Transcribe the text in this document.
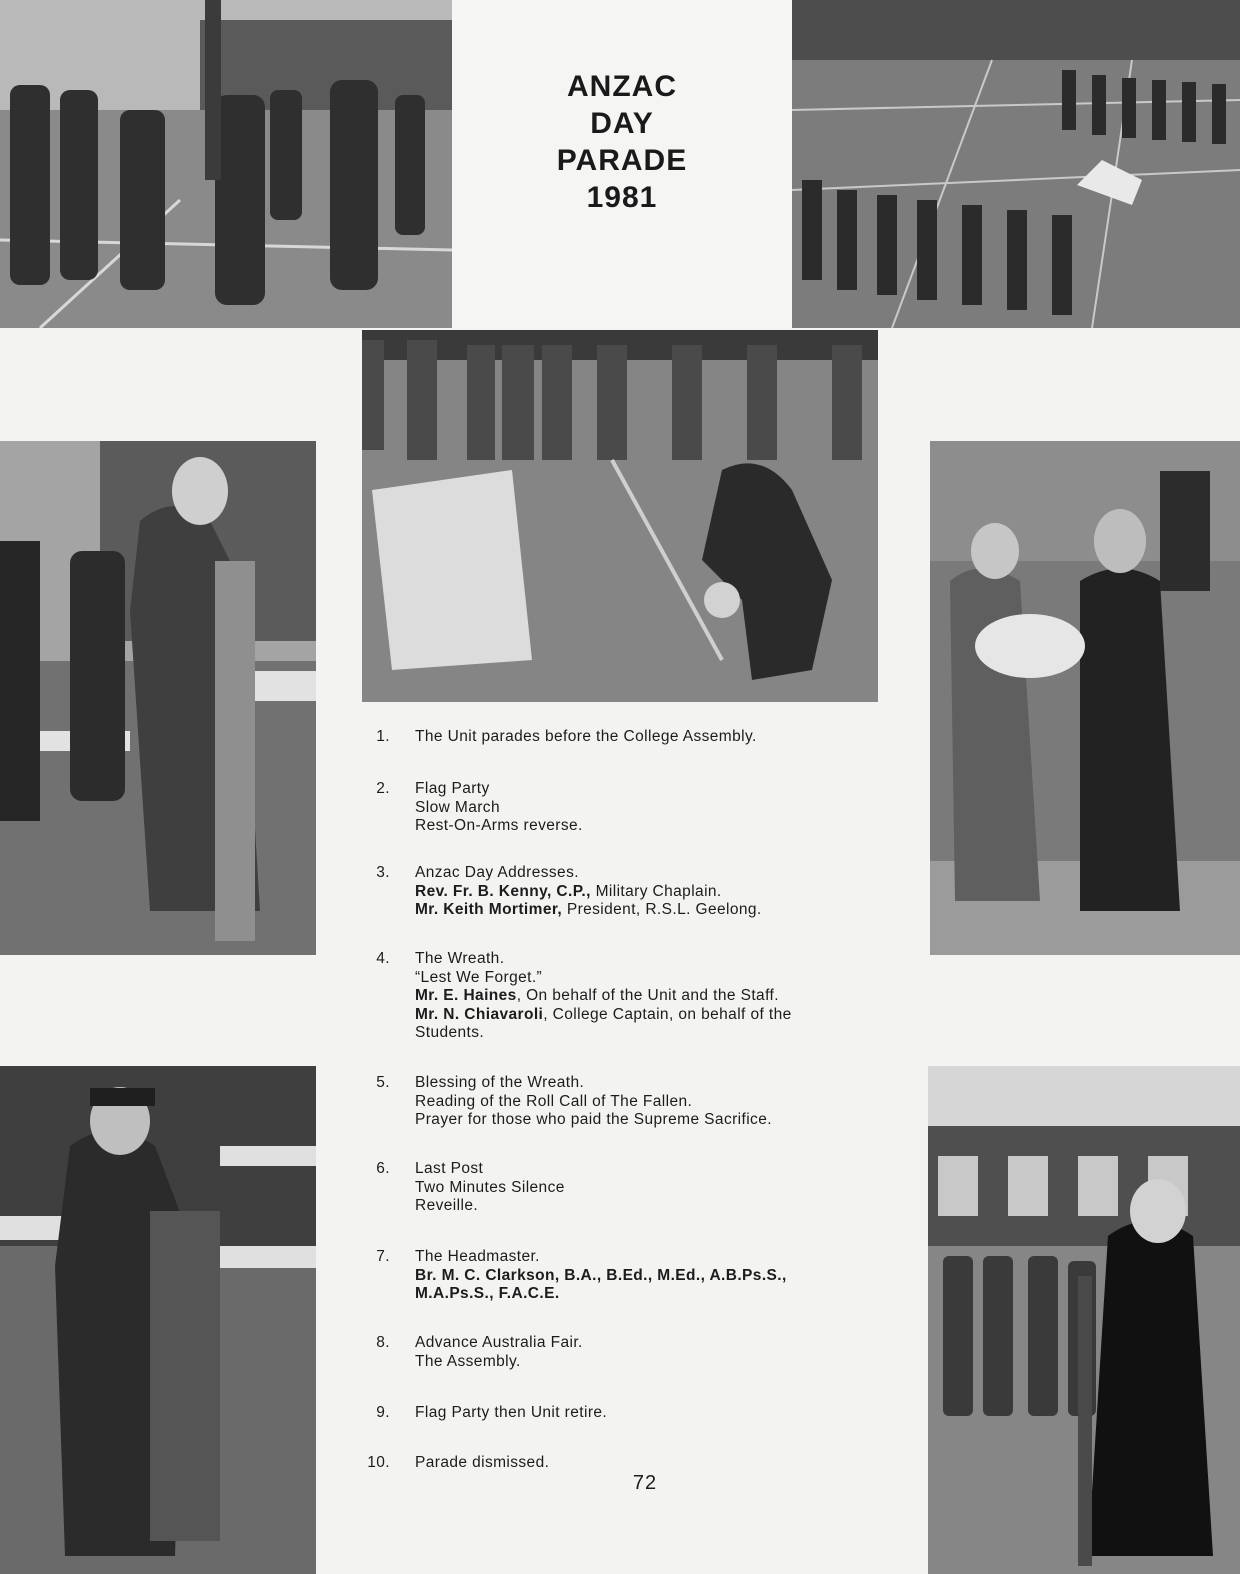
ANZAC
DAY
PARADE
1981
1. The Unit parades before the College Assembly.
2. Flag Party
Slow March
Rest-On-Arms reverse.
3. Anzac Day Addresses.
Rev. Fr. B. Kenny, C.P., Military Chaplain.
Mr. Keith Mortimer, President, R.S.L. Geelong.
4. The Wreath.
“Lest We Forget.”
Mr. E. Haines, On behalf of the Unit and the Staff.
Mr. N. Chiavaroli, College Captain, on behalf of the
Students.
5. Blessing of the Wreath.
Reading of the Roll Call of The Fallen.
Prayer for those who paid the Supreme Sacrifice.
6. Last Post
Two Minutes Silence
Reveille.
7. The Headmaster.
Br. M. C. Clarkson, B.A., B.Ed., M.Ed., A.B.Ps.S.,
M.A.Ps.S., F.A.C.E.
8. Advance Australia Fair.
The Assembly.
9. Flag Party then Unit retire.
10. Parade dismissed.
72
